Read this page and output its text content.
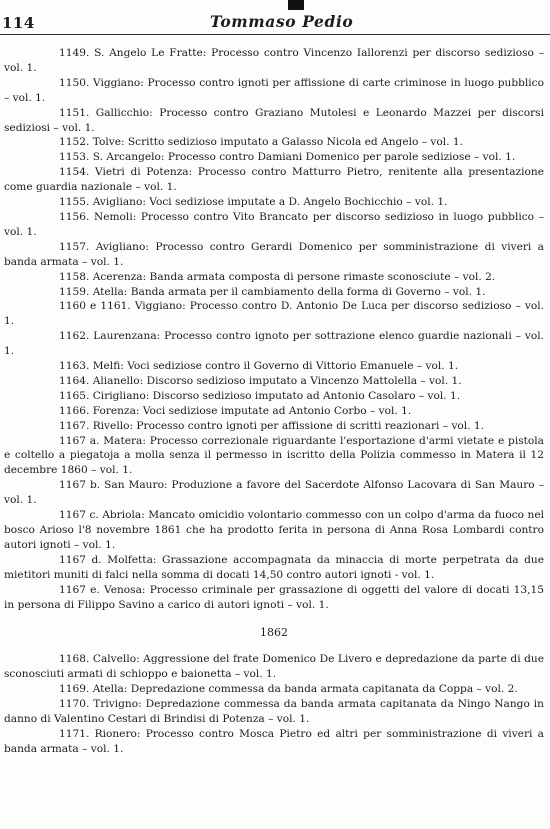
114	Tommaso Pedio

1149. S. Angelo Le Fratte: Processo contro Vincenzo Iallorenzi per discorso sedizioso – vol. 1.

1150. Viggiano: Processo contro ignoti per affissione di carte criminose in luogo pubblico – vol. 1.

1151. Gallicchio: Processo contro Graziano Mutolesi e Leonardo Mazzei per discorsi sediziosi – vol. 1.

1152. Tolve: Scritto sedizioso imputato a Galasso Nicola ed Angelo – vol. 1.

1153. S. Arcangelo: Processo contro Damiani Domenico per parole sediziose – vol. 1.

1154. Vietri di Potenza: Processo contro Matturro Pietro, renitente alla presentazione come guardia nazionale – vol. 1.

1155. Avigliano: Voci sediziose imputate a D. Angelo Bochicchio – vol. 1.

1156. Nemoli: Processo contro Vito Brancato per discorso sedizioso in luogo pubblico – vol. 1.

1157. Avigliano: Processo contro Gerardi Domenico per somministrazione di viveri a banda armata – vol. 1.

1158. Acerenza: Banda armata composta di persone rimaste sconosciute – vol. 2.

1159. Atella: Banda armata per il cambiamento della forma di Governo – vol. 1.

1160 e 1161. Viggiano: Processo contro D. Antonio De Luca per discorso sedizioso – vol. 1.

1162. Laurenzana: Processo contro ignoto per sottrazione elenco guardie nazionali – vol. 1.

1163. Melfi: Voci sediziose contro il Governo di Vittorio Emanuele – vol. 1.

1164. Alianello: Discorso sedizioso imputato a Vincenzo Mattolella – vol. 1.

1165. Cirigliano: Discorso sedizioso imputato ad Antonio Casolaro – vol. 1.

1166. Forenza: Voci sediziose imputate ad Antonio Corbo – vol. 1.

1167. Rivello: Processo contro ignoti per affissione di scritti reazionari – vol. 1.

1167 a. Matera: Processo correzionale riguardante l'esportazione d'armi vietate e pistola e coltello a piegatoja a molla senza il permesso in iscritto della Polizia commesso in Matera il 12 decembre 1860 – vol. 1.

1167 b. San Mauro: Produzione a favore del Sacerdote Alfonso Lacovara di San Mauro – vol. 1.

1167 c. Abriola: Mancato omicidio volontario commesso con un colpo d'arma da fuoco nel bosco Arioso l'8 novembre 1861 che ha prodotto ferita in persona di Anna Rosa Lombardi contro autori ignoti – vol. 1.

1167 d. Molfetta: Grassazione accompagnata da minaccia di morte perpetrata da due mietitori muniti di falci nella somma di docati 14,50 contro autori ignoti - vol. 1.

1167 e. Venosa: Processo criminale per grassazione di oggetti del valore di docati 13,15 in persona di Filippo Savino a carico di autori ignoti – vol. 1.

1862

1168. Calvello: Aggressione del frate Domenico De Livero e depredazione da parte di due sconosciuti armati di schioppo e baionetta – vol. 1.

1169. Atella: Depredazione commessa da banda armata capitanata da Coppa – vol. 2.

1170. Trivigno: Depredazione commessa da banda armata capitanata da Ningo Nango in danno di Valentino Cestari di Brindisi di Potenza – vol. 1.

1171. Rionero: Processo contro Mosca Pietro ed altri per somministrazione di viveri a banda armata – vol. 1.
